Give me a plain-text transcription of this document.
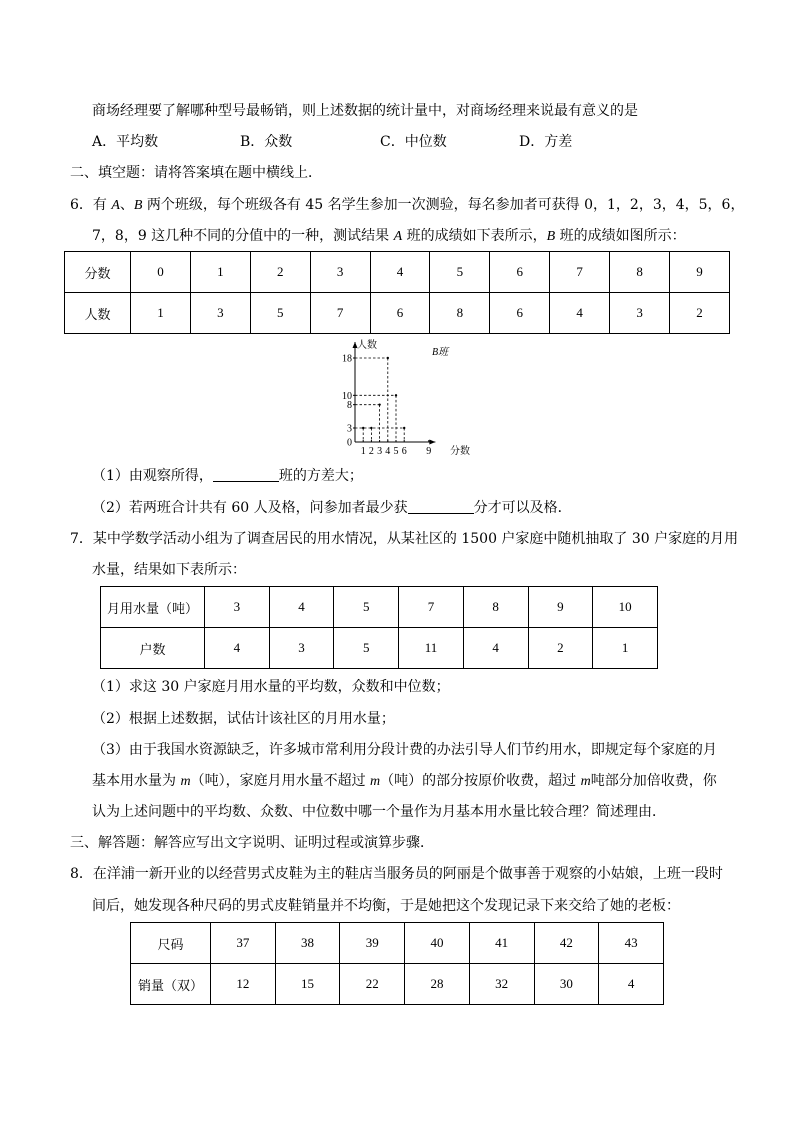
商场经理要了解哪种型号最畅销，则上述数据的统计量中，对商场经理来说最有意义的是
A．平均数	B．众数	C．中位数	D．方差
二、填空题：请将答案填在题中横线上．
6．有 A、B 两个班级，每个班级各有 45 名学生参加一次测验，每名参加者可获得 0，1，2，3，4，5，6，
7，8，9 这几种不同的分值中的一种，测试结果 A 班的成绩如下表所示，B 班的成绩如图所示：
分数	0	1	2	3	4	5	6	7	8	9
人数	1	3	5	7	6	8	6	4	3	2
0
3
8
10
18
1 2 3 4 5 6 9
B班
人数
分数
（1）由观察所得，	班的方差大；
（2）若两班合计共有 60 人及格，问参加者最少获	分才可以及格．
7．某中学数学活动小组为了调查居民的用水情况，从某社区的 1500 户家庭中随机抽取了 30 户家庭的月用
水量，结果如下表所示：
月用水量（吨）	3	4	5	7	8	9	10
户数	4	3	5	11	4	2	1
（1）求这 30 户家庭月用水量的平均数，众数和中位数；
（2）根据上述数据，试估计该社区的月用水量；
（3）由于我国水资源缺乏，许多城市常利用分段计费的办法引导人们节约用水，即规定每个家庭的月
基本用水量为 m（吨），家庭月用水量不超过 m（吨）的部分按原价收费，超过 m吨部分加倍收费，你
认为上述问题中的平均数、众数、中位数中哪一个量作为月基本用水量比较合理？简述理由．
三、解答题：解答应写出文字说明、证明过程或演算步骤．
8．在洋浦一新开业的以经营男式皮鞋为主的鞋店当服务员的阿丽是个做事善于观察的小姑娘，上班一段时
间后，她发现各种尺码的男式皮鞋销量并不均衡，于是她把这个发现记录下来交给了她的老板：
尺码	37	38	39	40	41	42	43
销量（双）	12	15	22	28	32	30	4
